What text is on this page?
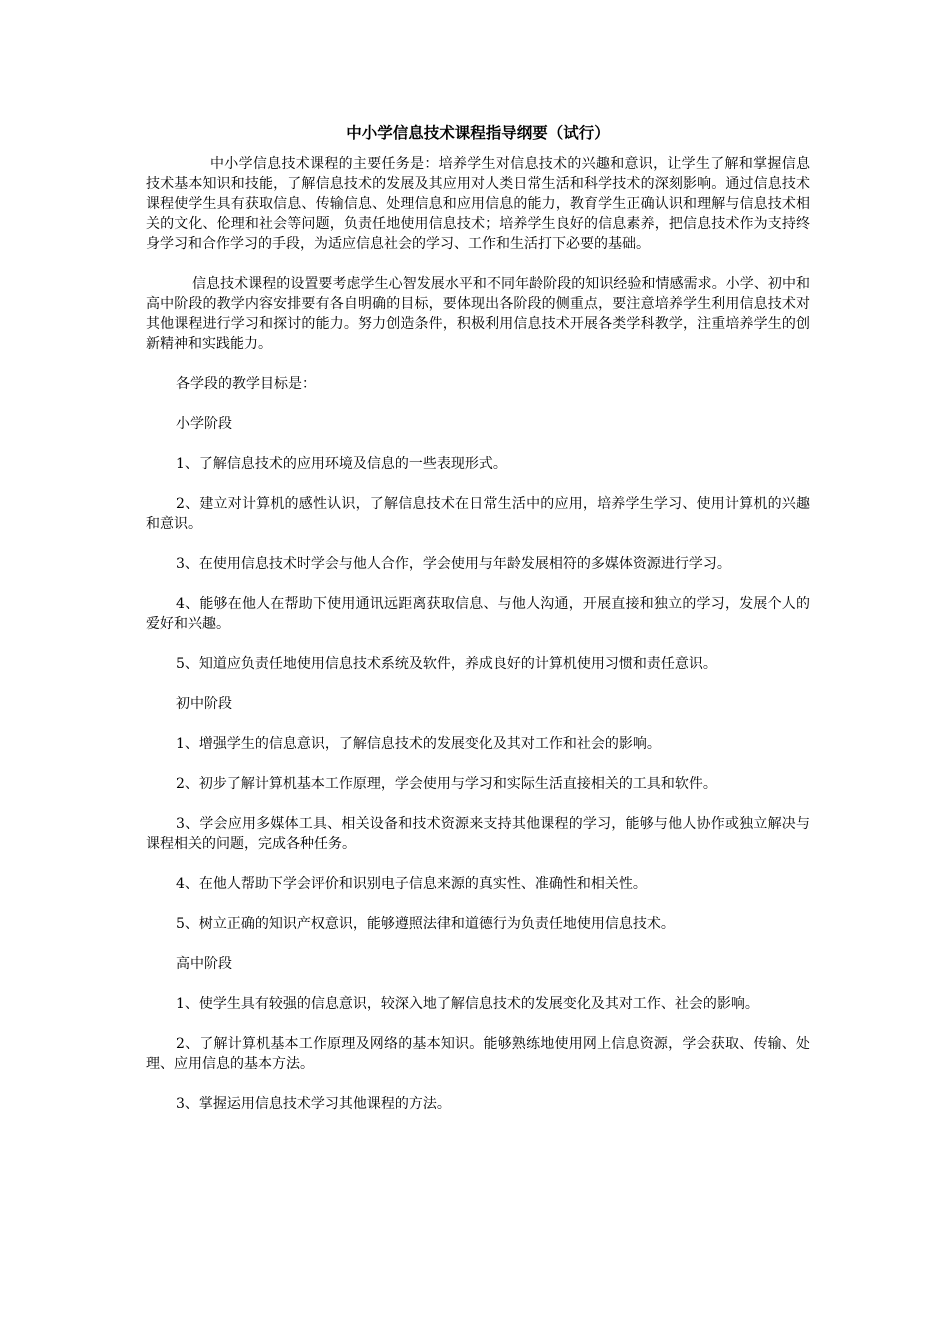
中小学信息技术课程指导纲要（试行）

中小学信息技术课程的主要任务是：培养学生对信息技术的兴趣和意识，让学生了解和掌握信息技术基本知识和技能，了解信息技术的发展及其应用对人类日常生活和科学技术的深刻影响。通过信息技术课程使学生具有获取信息、传输信息、处理信息和应用信息的能力，教育学生正确认识和理解与信息技术相关的文化、伦理和社会等问题，负责任地使用信息技术；培养学生良好的信息素养，把信息技术作为支持终身学习和合作学习的手段，为适应信息社会的学习、工作和生活打下必要的基础。

信息技术课程的设置要考虑学生心智发展水平和不同年龄阶段的知识经验和情感需求。小学、初中和高中阶段的教学内容安排要有各自明确的目标，要体现出各阶段的侧重点，要注意培养学生利用信息技术对其他课程进行学习和探讨的能力。努力创造条件，积极利用信息技术开展各类学科教学，注重培养学生的创新精神和实践能力。

各学段的教学目标是：

小学阶段

1、了解信息技术的应用环境及信息的一些表现形式。

2、建立对计算机的感性认识，了解信息技术在日常生活中的应用，培养学生学习、使用计算机的兴趣和意识。

3、在使用信息技术时学会与他人合作，学会使用与年龄发展相符的多媒体资源进行学习。

4、能够在他人在帮助下使用通讯远距离获取信息、与他人沟通，开展直接和独立的学习，发展个人的爱好和兴趣。

5、知道应负责任地使用信息技术系统及软件，养成良好的计算机使用习惯和责任意识。

初中阶段

1、增强学生的信息意识，了解信息技术的发展变化及其对工作和社会的影响。

2、初步了解计算机基本工作原理，学会使用与学习和实际生活直接相关的工具和软件。

3、学会应用多媒体工具、相关设备和技术资源来支持其他课程的学习，能够与他人协作或独立解决与课程相关的问题，完成各种任务。

4、在他人帮助下学会评价和识别电子信息来源的真实性、准确性和相关性。

5、树立正确的知识产权意识，能够遵照法律和道德行为负责任地使用信息技术。

高中阶段

1、使学生具有较强的信息意识，较深入地了解信息技术的发展变化及其对工作、社会的影响。

2、了解计算机基本工作原理及网络的基本知识。能够熟练地使用网上信息资源，学会获取、传输、处理、应用信息的基本方法。

3、掌握运用信息技术学习其他课程的方法。
